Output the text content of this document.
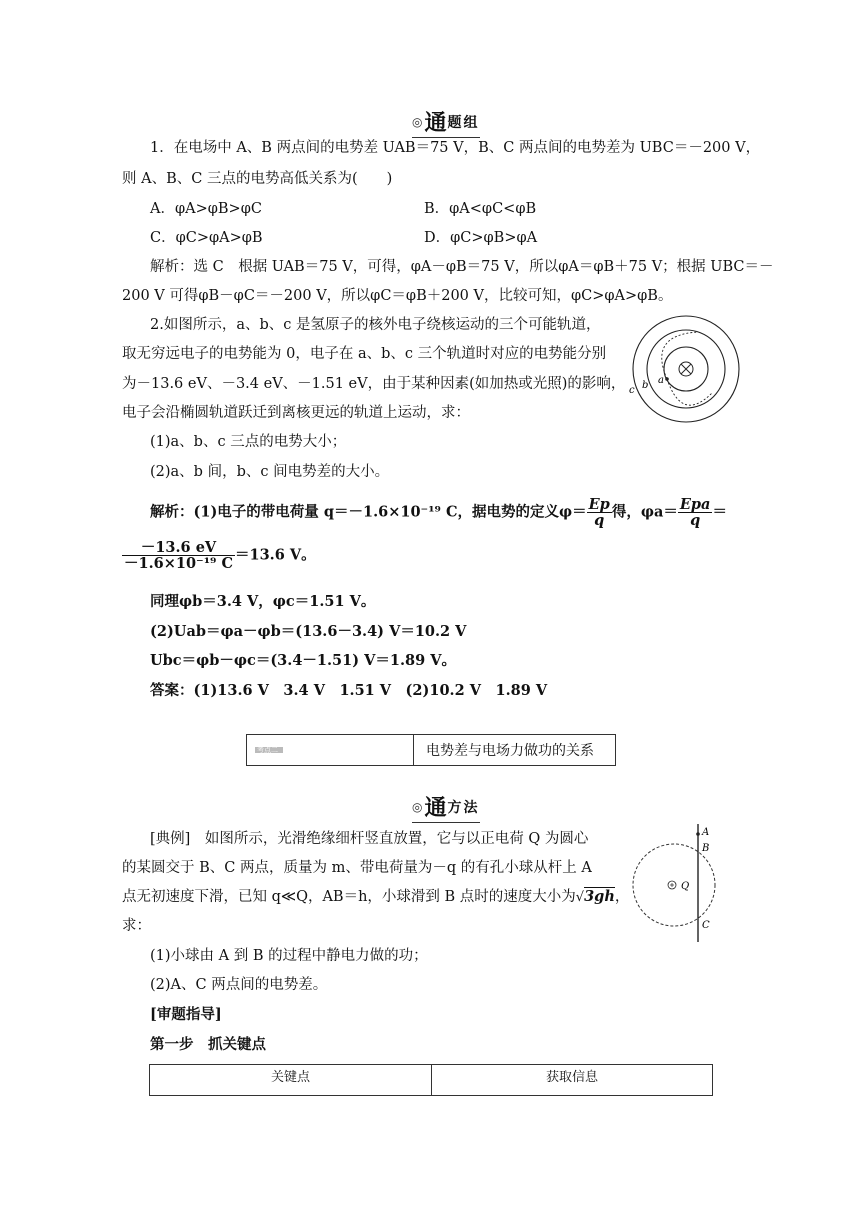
◎ 通 题组
1．在电场中 A、B 两点间的电势差 UAB＝75 V，B、C 两点间的电势差为 UBC＝－200 V，
则 A、B、C 三点的电势高低关系为(　　)
A．φA>φB>φC	B．φA<φC<φB
C．φC>φA>φB	D．φC>φB>φA
解析：选 C　根据 UAB＝75 V，可得，φA－φB＝75 V，所以φA＝φB＋75 V；根据 UBC＝－
200 V 可得φB－φC＝－200 V，所以φC＝φB＋200 V，比较可知，φC>φA>φB。
2.如图所示，a、b、c 是氢原子的核外电子绕核运动的三个可能轨道，
取无穷远电子的电势能为 0，电子在 a、b、c 三个轨道时对应的电势能分别
为－13.6 eV、－3.4 eV、－1.51 eV，由于某种因素(如加热或光照)的影响，
电子会沿椭圆轨道跃迁到离核更远的轨道上运动，求：
(1)a、b、c 三点的电势大小；
(2)a、b 间，b、c 间电势差的大小。
a
b
c
解析：(1)电子的带电荷量 q＝－1.6×10⁻¹⁹ C，据电势的定义$\varphi= \frac{Ep}{q}$ 得，$\varphi a= \frac{\text{Epa}}{q}$ ＝
$\frac{-13.6 eV}{\text{－1.6×10⁻¹⁹ C}} =13.6$ V。
同理φb＝3.4 V，φc＝1.51 V。
(2)Uab＝φa－φb＝(13.6－3.4) V＝10.2 V
Ubc＝φb－φc＝(3.4－1.51) V＝1.89 V。
答案：(1)13.6 V　3.4 V　1.51 V　(2)10.2 V　1.89 V
考点二	电势差与电场力做功的关系
◎ 通 方法
[典例]　如图所示，光滑绝缘细杆竖直放置，它与以正电荷 Q 为圆心
的某圆交于 B、C 两点，质量为 m、带电荷量为－q 的有孔小球从杆上 A
点无初速度下滑，已知 q≪Q，AB＝h，小球滑到 B 点时的速度大小为√3gh，
求：
(1)小球由 A 到 B 的过程中静电力做的功；
(2)A、C 两点间的电势差。
[审题指导]
第一步　抓关键点
A
B
Q
C
关键点	获取信息
